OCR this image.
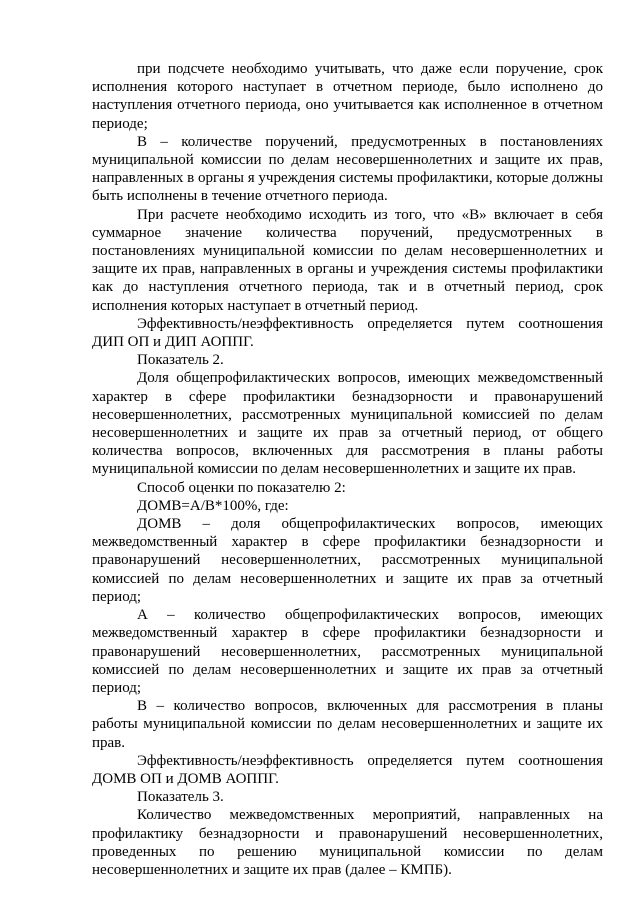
при подсчете необходимо учитывать, что даже если поручение, срок исполнения которого наступает в отчетном периоде, было исполнено до наступления отчетного периода, оно учитывается как исполненное в отчетном периоде;

В – количестве поручений, предусмотренных в постановлениях муниципальной комиссии по делам несовершеннолетних и защите их прав, направленных в органы я учреждения системы профилактики, которые должны быть исполнены в течение отчетного периода.

При расчете необходимо исходить из того, что «В» включает в себя суммарное значение количества поручений, предусмотренных в постановлениях муниципальной комиссии по делам несовершеннолетних и защите их прав, направленных в органы и учреждения системы профилактики как до наступления отчетного периода, так и в отчетный период, срок исполнения которых наступает в отчетный период.

Эффективность/неэффективность определяется путем соотношения ДИП ОП и ДИП АОППГ.

Показатель 2.

Доля общепрофилактических вопросов, имеющих межведомственный характер в сфере профилактики безнадзорности и правонарушений несовершеннолетних, рассмотренных муниципальной комиссией по делам несовершеннолетних и защите их прав за отчетный период, от общего количества вопросов, включенных для рассмотрения в планы работы муниципальной комиссии по делам несовершеннолетних и защите их прав.

Способ оценки по показателю 2:

ДОМВ=А/В*100%, где:

ДОМВ – доля общепрофилактических вопросов, имеющих межведомственный характер в сфере профилактики безнадзорности и правонарушений несовершеннолетних, рассмотренных муниципальной комиссией по делам несовершеннолетних и защите их прав за отчетный период;

А – количество общепрофилактических вопросов, имеющих межведомственный характер в сфере профилактики безнадзорности и правонарушений несовершеннолетних, рассмотренных муниципальной комиссией по делам несовершеннолетних и защите их прав за отчетный период;

В – количество вопросов, включенных для рассмотрения в планы работы муниципальной комиссии по делам несовершеннолетних и защите их прав.

Эффективность/неэффективность определяется путем соотношения ДОМВ ОП и ДОМВ АОППГ.

Показатель 3.

Количество межведомственных мероприятий, направленных на профилактику безнадзорности и правонарушений несовершеннолетних, проведенных по решению муниципальной комиссии по делам несовершеннолетних и защите их прав (далее – КМПБ).
